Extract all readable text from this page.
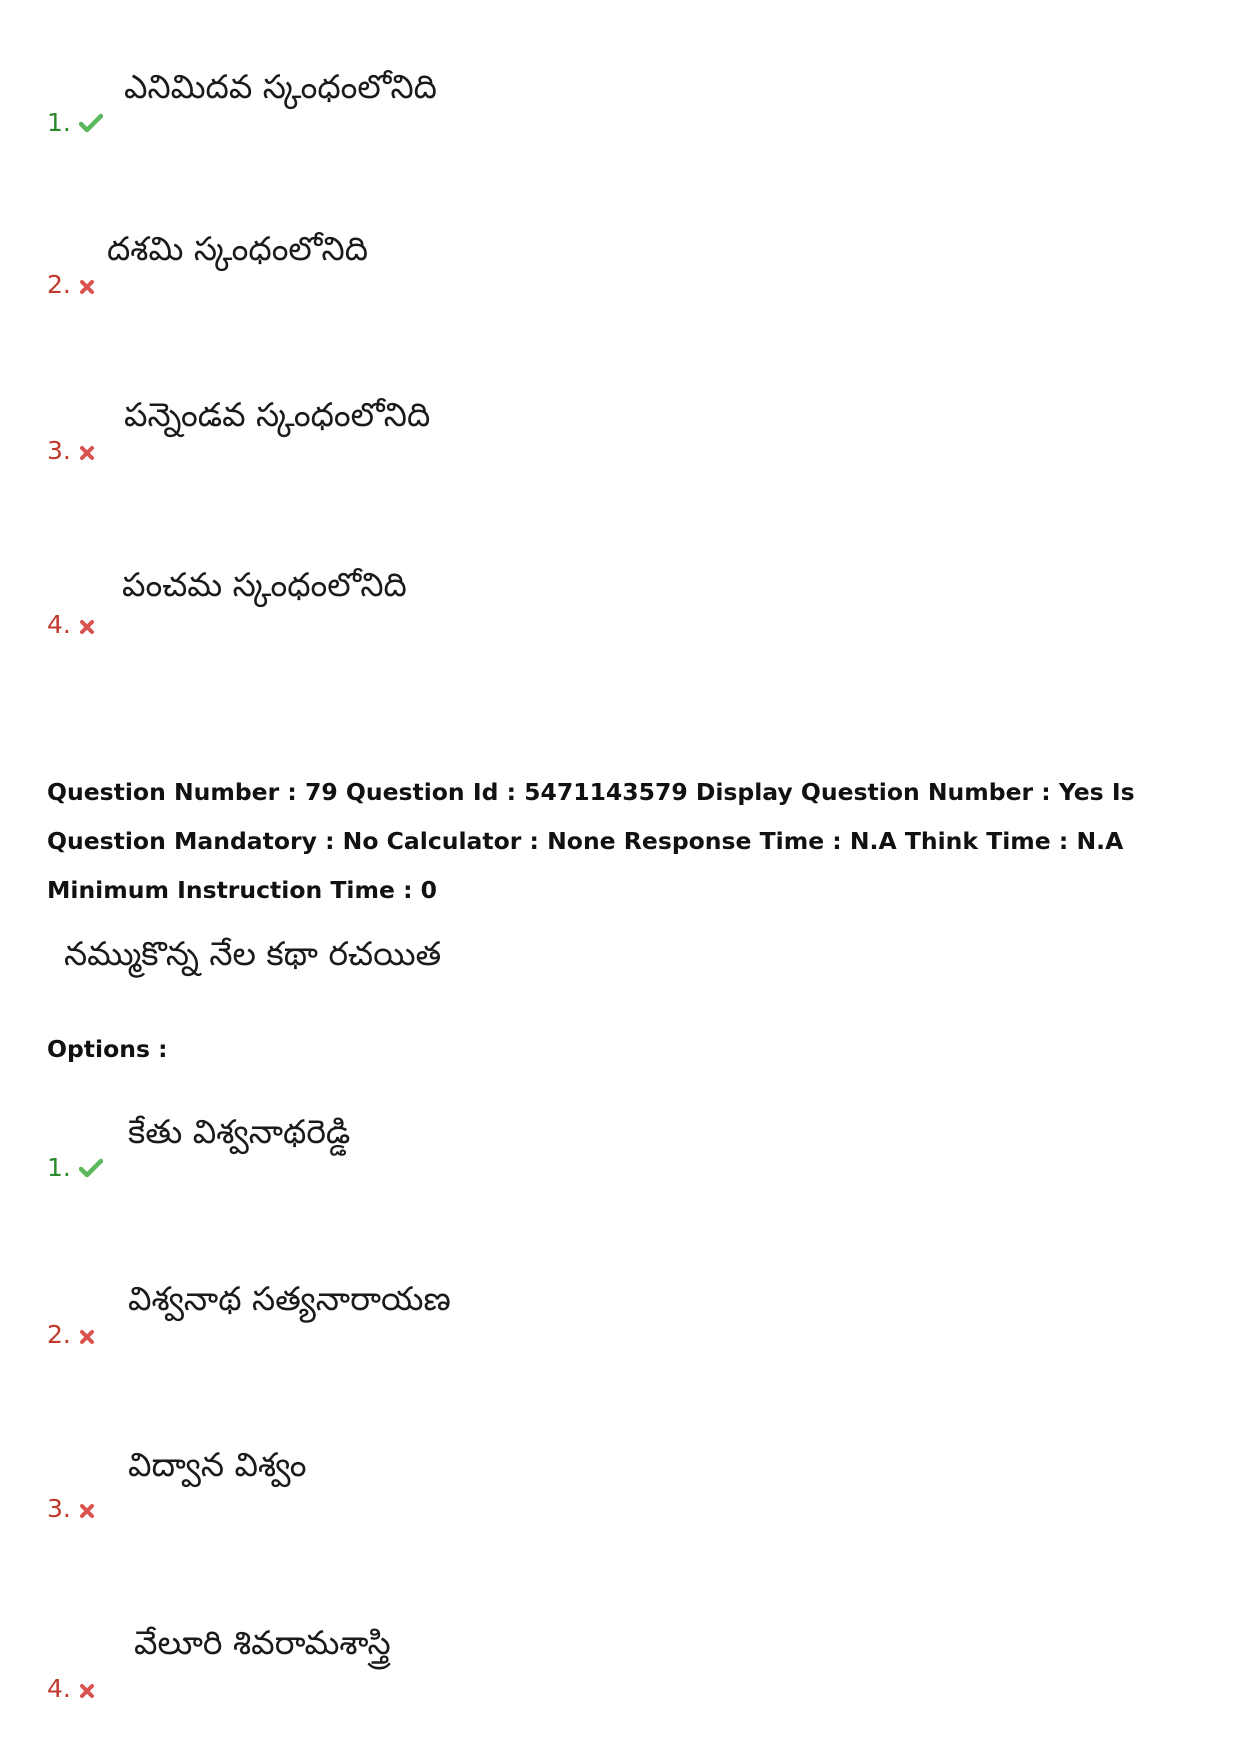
ఎనిమిదవ స్కంధంలోనిది
1.
దశమి స్కంధంలోనిది
2.
పన్నెండవ స్కంధంలోనిది
3.
పంచమ స్కంధంలోనిది
4.
Question Number : 79 Question Id : 5471143579 Display Question Number : Yes Is Question Mandatory : No Calculator : None Response Time : N.A Think Time : N.A Minimum Instruction Time : 0
నమ్ముకొన్న నేల కథా రచయిత
Options :
కేతు విశ్వనాథరెడ్డి
1.
విశ్వనాథ సత్యనారాయణ
2.
విద్వాన విశ్వం
3.
వేలూరి శివరామశాస్త్రి
4.
